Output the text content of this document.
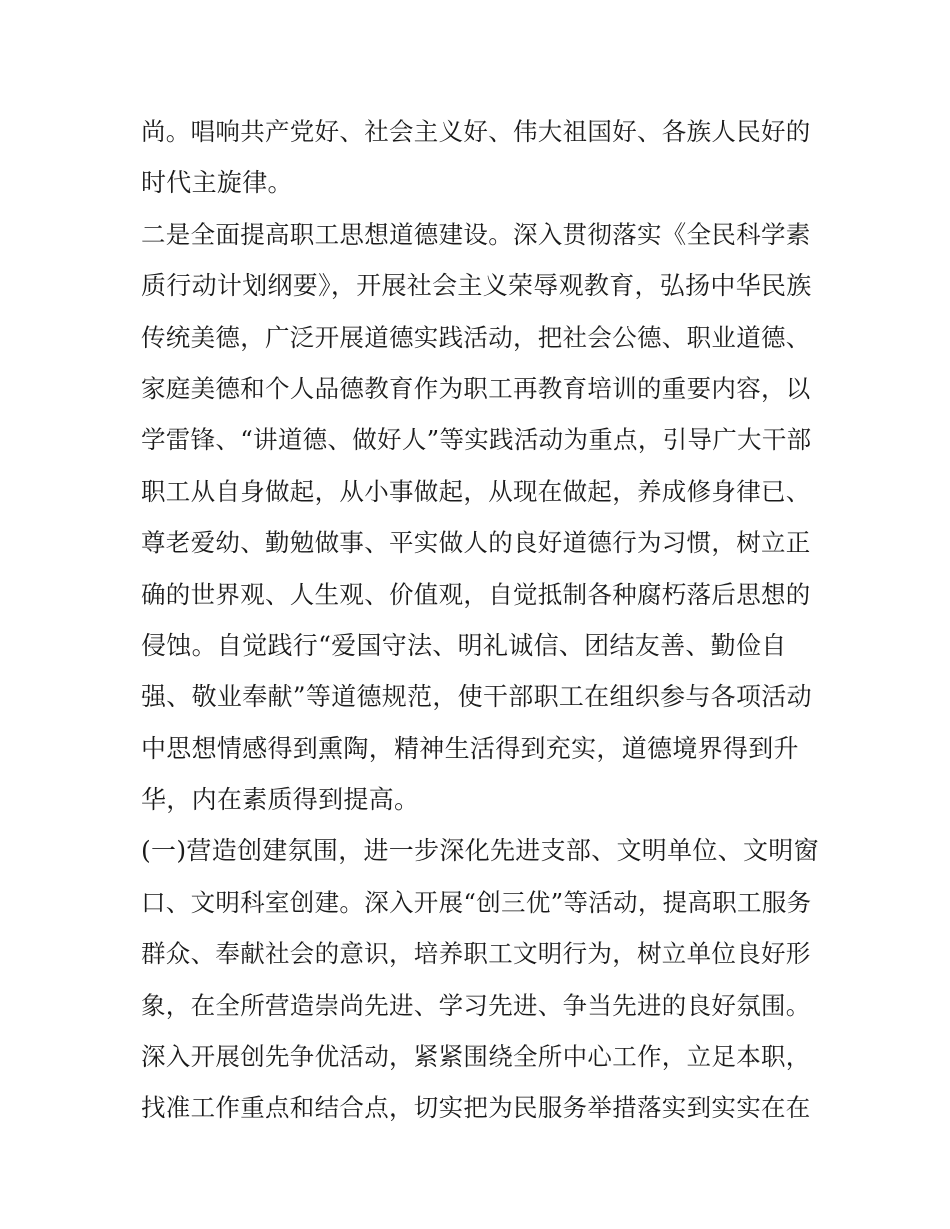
尚。唱响共产党好、社会主义好、伟大祖国好、各族人民好的
时代主旋律。
二是全面提高职工思想道德建设。深入贯彻落实《全民科学素
质行动计划纲要》，开展社会主义荣辱观教育，弘扬中华民族
传统美德，广泛开展道德实践活动，把社会公德、职业道德、
家庭美德和个人品德教育作为职工再教育培训的重要内容，以
学雷锋、“讲道德、做好人”等实践活动为重点，引导广大干部
职工从自身做起，从小事做起，从现在做起，养成修身律已、
尊老爱幼、勤勉做事、平实做人的良好道德行为习惯，树立正
确的世界观、人生观、价值观，自觉抵制各种腐朽落后思想的
侵蚀。自觉践行“爱国守法、明礼诚信、团结友善、勤俭自
强、敬业奉献”等道德规范，使干部职工在组织参与各项活动
中思想情感得到熏陶，精神生活得到充实，道德境界得到升
华，内在素质得到提高。
(一)营造创建氛围，进一步深化先进支部、文明单位、文明窗
口、文明科室创建。深入开展“创三优”等活动，提高职工服务
群众、奉献社会的意识，培养职工文明行为，树立单位良好形
象，在全所营造崇尚先进、学习先进、争当先进的良好氛围。
深入开展创先争优活动，紧紧围绕全所中心工作，立足本职，
找准工作重点和结合点，切实把为民服务举措落实到实实在在
